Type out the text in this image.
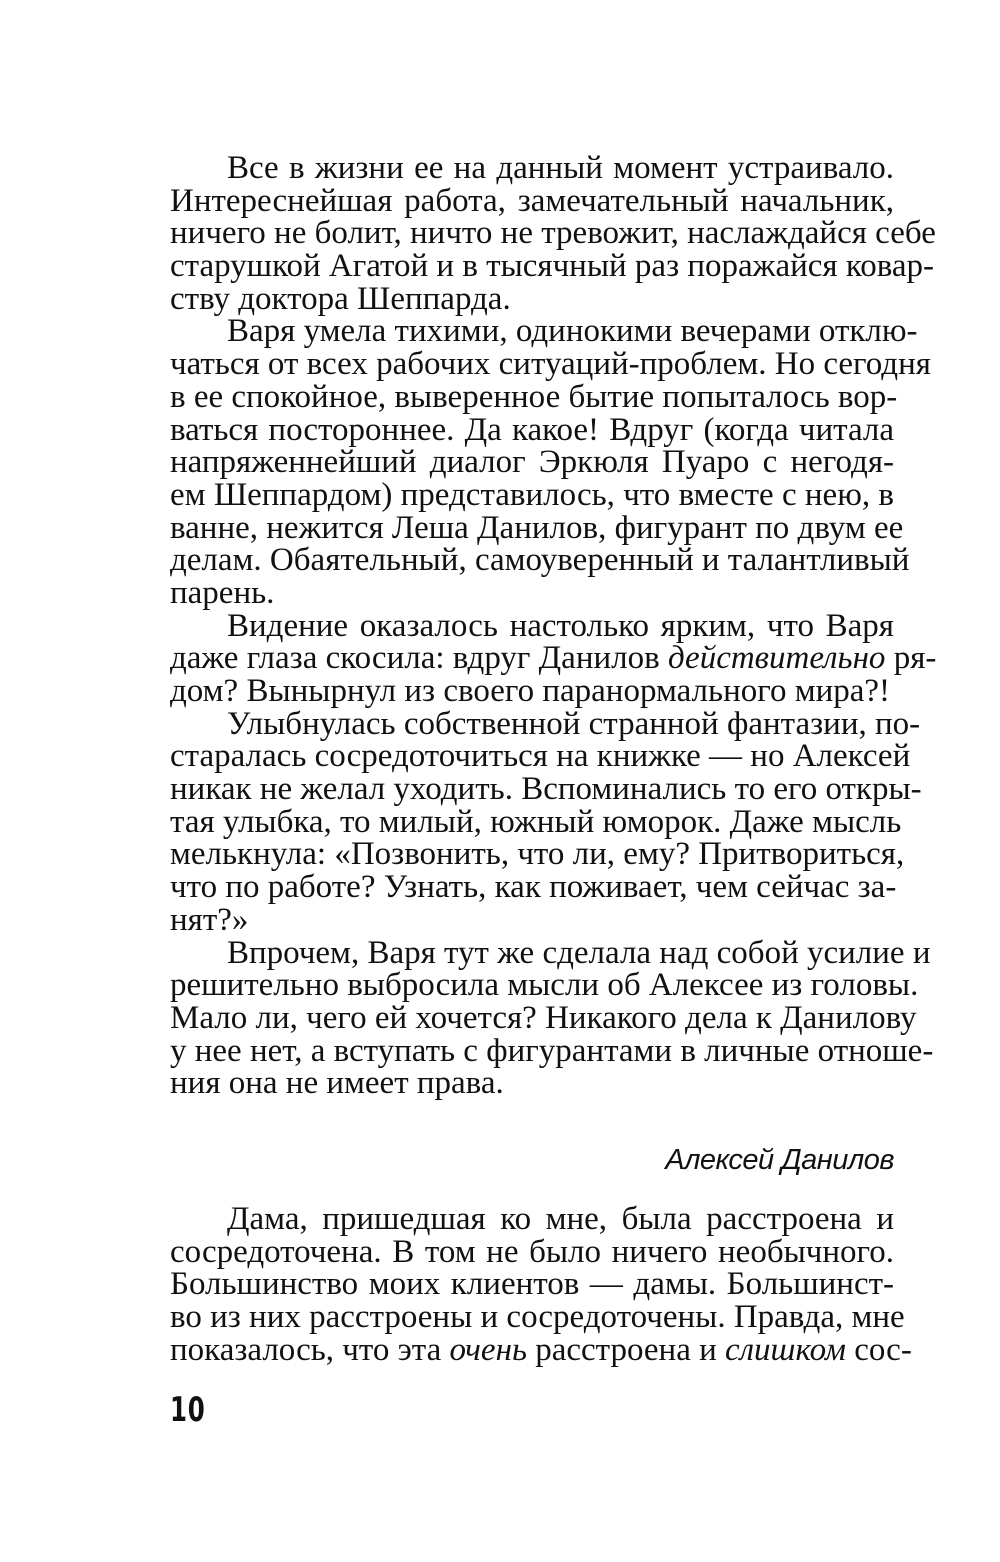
Все в жизни ее на данный момент устраивало.
Интереснейшая работа, замечательный начальник,
ничего не болит, ничто не тревожит, наслаждайся себе
старушкой Агатой и в тысячный раз поражайся ковар-
ству доктора Шеппарда.
Варя умела тихими, одинокими вечерами отклю-
чаться от всех рабочих ситуаций-проблем. Но сегодня
в ее спокойное, выверенное бытие попыталось вор-
ваться постороннее. Да какое! Вдруг (когда читала
напряженнейший диалог Эркюля Пуаро с негодя-
ем Шеппардом) представилось, что вместе с нею, в
ванне, нежится Леша Данилов, фигурант по двум ее
делам. Обаятельный, самоуверенный и талантливый
парень.
Видение оказалось настолько ярким, что Варя
даже глаза скосила: вдруг Данилов действительно ря-
дом? Вынырнул из своего паранормального мира?!
Улыбнулась собственной странной фантазии, по-
старалась сосредоточиться на книжке — но Алексей
никак не желал уходить. Вспоминались то его откры-
тая улыбка, то милый, южный юморок. Даже мысль
мелькнула: «Позвонить, что ли, ему? Притвориться,
что по работе? Узнать, как поживает, чем сейчас за-
нят?»
Впрочем, Варя тут же сделала над собой усилие и
решительно выбросила мысли об Алексее из головы.
Мало ли, чего ей хочется? Никакого дела к Данилову
у нее нет, а вступать с фигурантами в личные отноше-
ния она не имеет права.
Алексей Данилов
Дама, пришедшая ко мне, была расстроена и
сосредоточена. В том не было ничего необычного.
Большинство моих клиентов — дамы. Большинст-
во из них расстроены и сосредоточены. Правда, мне
показалось, что эта очень расстроена и слишком сос-
10
